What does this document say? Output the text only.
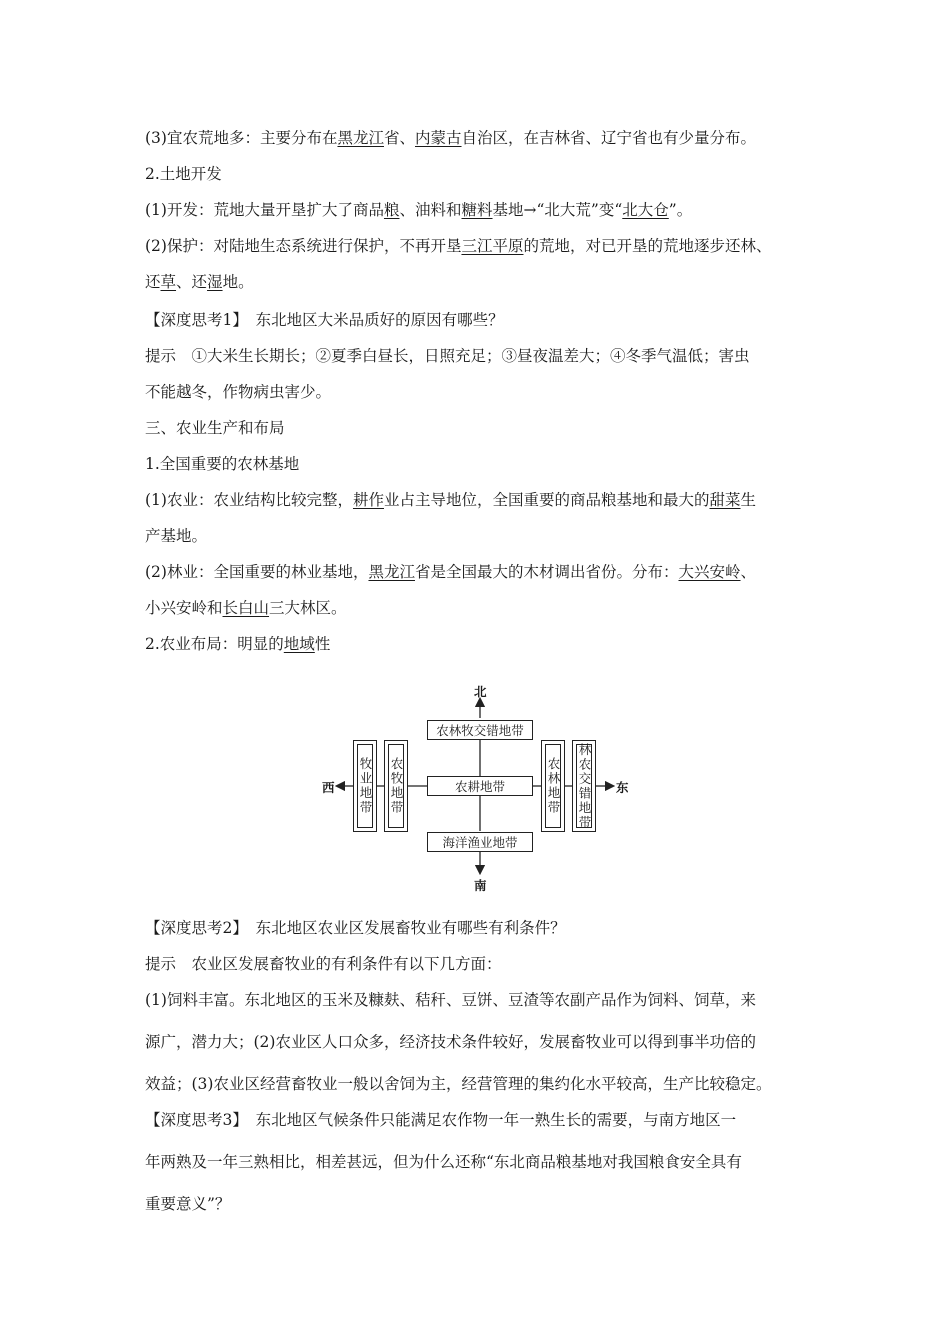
(3)宜农荒地多：主要分布在黑龙江省、内蒙古自治区，在吉林省、辽宁省也有少量分布。
2.土地开发
(1)开发：荒地大量开垦扩大了商品粮、油料和糖料基地→“北大荒”变“北大仓”。
(2)保护：对陆地生态系统进行保护，不再开垦三江平原的荒地，对已开垦的荒地逐步还林、
还草、还湿地。
【深度思考1】　东北地区大米品质好的原因有哪些？
提示　①大米生长期长；②夏季白昼长，日照充足；③昼夜温差大；④冬季气温低；害虫
不能越冬，作物病虫害少。
三、农业生产和布局
1.全国重要的农林基地
(1)农业：农业结构比较完整，耕作业占主导地位，全国重要的商品粮基地和最大的甜菜生
产基地。
(2)林业：全国重要的林业基地，黑龙江省是全国最大的木材调出省份。分布：大兴安岭、
小兴安岭和长白山三大林区。
2.农业布局：明显的地域性
北
南
西	东
农林牧交错地带
农耕地带
海洋渔业地带
牧业地带 农牧地带	农林地带 林农交错地带
【深度思考2】　东北地区农业区发展畜牧业有哪些有利条件？
提示　农业区发展畜牧业的有利条件有以下几方面：
(1)饲料丰富。东北地区的玉米及糠麸、秸秆、豆饼、豆渣等农副产品作为饲料、饲草，来
源广，潜力大；(2)农业区人口众多，经济技术条件较好，发展畜牧业可以得到事半功倍的
效益；(3)农业区经营畜牧业一般以舍饲为主，经营管理的集约化水平较高，生产比较稳定。
【深度思考3】　东北地区气候条件只能满足农作物一年一熟生长的需要，与南方地区一
年两熟及一年三熟相比，相差甚远，但为什么还称“东北商品粮基地对我国粮食安全具有
重要意义”？
